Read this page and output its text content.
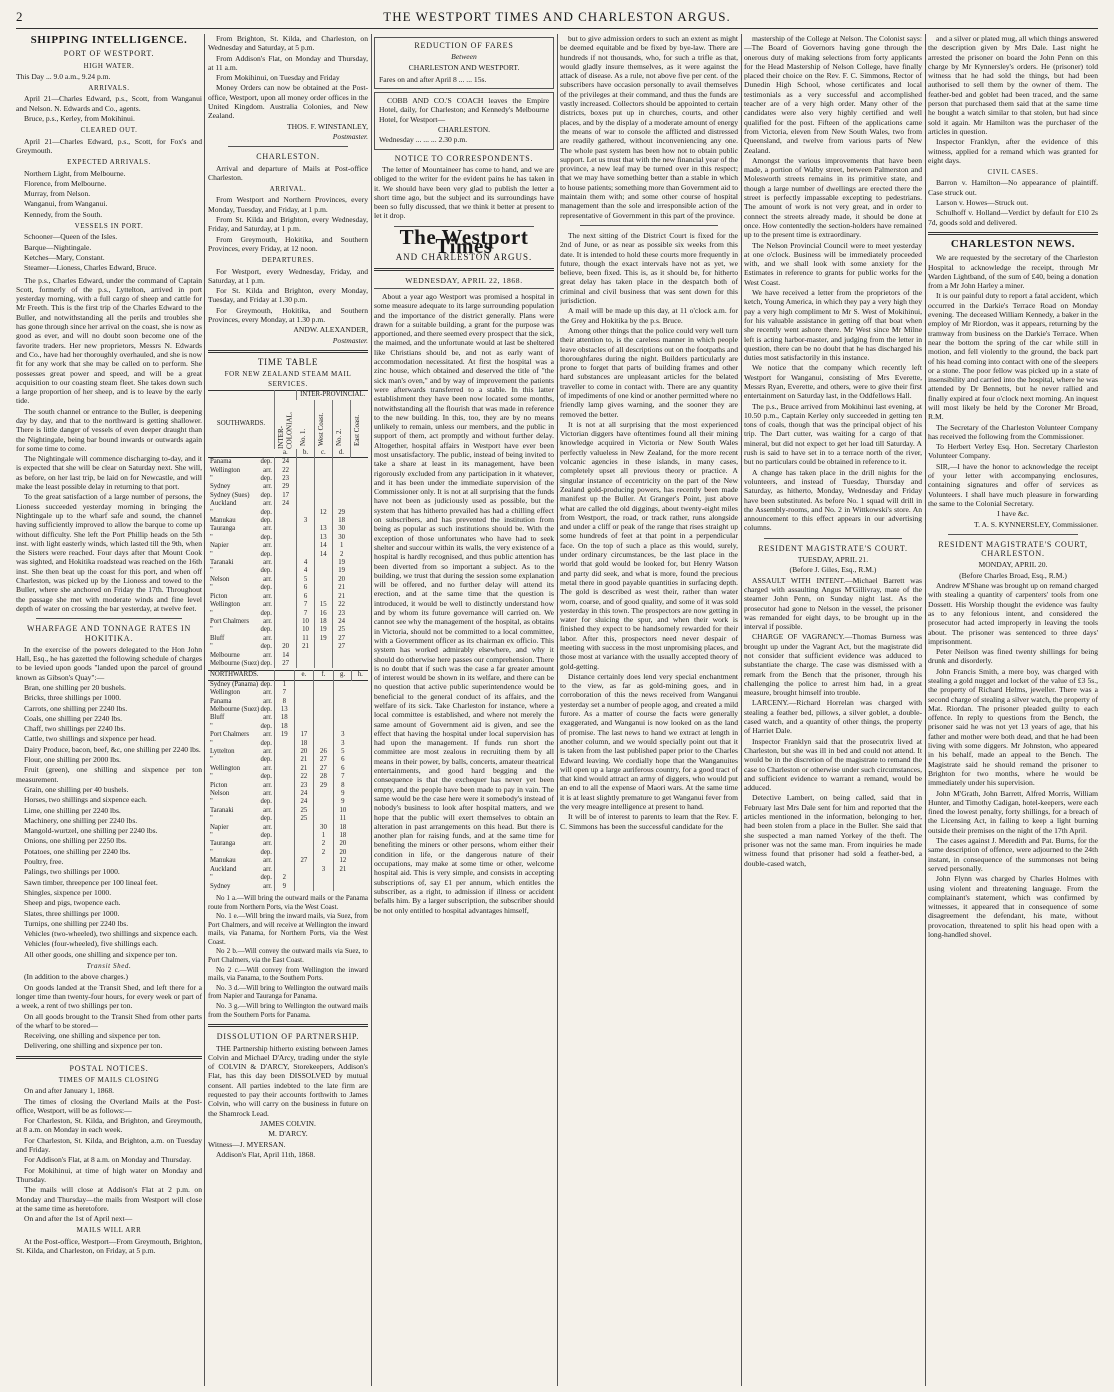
2	THE WESTPORT TIMES AND CHARLESTON ARGUS.
SHIPPING INTELLIGENCE.
PORT OF WESTPORT.
HIGH WATER.

This Day ... 9.0 a.m., 9.24 p.m.

ARRIVALS.

April 21—Charles Edward, p.s., Scott, from Wanganui and Nelson. N. Edwards and Co., agents.

Bruce, p.s., Kerley, from Mokihinui.

CLEARED OUT.

April 21—Charles Edward, p.s., Scott, for Fox's and Greymouth.

EXPECTED ARRIVALS.

Northern Light, from Melbourne.

Florence, from Melbourne.

Murray, from Nelson.

Wanganui, from Wanganui.

Kennedy, from the South.

VESSELS IN PORT.

Schooner—Queen of the Isles.

Barque—Nightingale.

Ketches—Mary, Constant.

Steamer—Lioness, Charles Edward, Bruce.

The p.s., Charles Edward, under the command of Captain Scott, formerly of the p.s., Lyttelton, arrived in port yesterday morning, with a full cargo of sheep and cattle for Mr Freeth. This is the first trip of the Charles Edward to the Buller, and notwithstanding all the perils and troubles she has gone through since her arrival on the coast, she is now as good as ever, and will no doubt soon become one of the favorite traders. Her new proprietors, Messrs N. Edwards and Co., have had her thoroughly overhauled, and she is now fit for any work that she may be called on to perform. She possesses great power and speed, and will be a great acquisition to our coasting steam fleet. She takes down such a large proportion of her sheep, and is to leave by the early tide.

The south channel or entrance to the Buller, is deepening day by day, and that to the northward is getting shallower. There is little danger of vessels of even deeper draught than the Nightingale, being bar bound inwards or outwards again for some time to come.

The Nightingale will commence discharging to-day, and it is expected that she will be clear on Saturday next. She will, as before, on her last trip, be laid on for Newcastle, and will make the least possible delay in returning to that port.

To the great satisfaction of a large number of persons, the Lioness succeeded yesterday morning in bringing the Nightingale up to the wharf safe and sound, the channel having sufficiently improved to allow the barque to come up without difficulty. She left the Port Phillip heads on the 5th inst. with light easterly winds, which lasted till the 9th, when the Sisters were reached. Four days after that Mount Cook was sighted, and Hokitika roadstead was reached on the 16th inst. She then beat up the coast for this port, and when off Charleston, was picked up by the Lioness and towed to the Buller, where she anchored on Friday the 17th. Throughout the passage she met with moderate winds and fine level depth of water on crossing the bar yesterday, at twelve feet.

WHARFAGE AND TONNAGE RATES IN HOKITIKA.

In the exercise of the powers delegated to the Hon John Hall, Esq., he has gazetted the following schedule of charges to be levied upon goods "landed upon the parcel of ground known as Gibson's Quay":—

Bran, one shilling per 20 bushels.

Bricks, three shillings per 1000.

Carrots, one shilling per 2240 lbs.

Coals, one shilling per 2240 lbs.

Chaff, two shillings per 2240 lbs.

Cattle, two shillings and sixpence per head.

Dairy Produce, bacon, beef, &c, one shilling per 2240 lbs.

Flour, one shilling per 2000 lbs.

Fruit (green), one shilling and sixpence per ton measurement.

Grain, one shilling per 40 bushels.

Horses, two shillings and sixpence each.

Lime, one shilling per 2240 lbs.

Machinery, one shilling per 2240 lbs.

Mangold-wurtzel, one shilling per 2240 lbs.

Onions, one shilling per 2250 lbs.

Potatoes, one shilling per 2240 lbs.

Poultry, free.

Palings, two shillings per 1000.

Sawn timber, threepence per 100 lineal feet.

Shingles, sixpence per 1000.

Sheep and pigs, twopence each.

Slates, three shillings per 1000.

Turnips, one shilling per 2240 lbs.

Vehicles (two-wheeled), two shillings and sixpence each.

Vehicles (four-wheeled), five shillings each.

All other goods, one shilling and sixpence per ton.

Transit Shed.

(In addition to the above charges.)

On goods landed at the Transit Shed, and left there for a longer time than twenty-four hours, for every week or part of a week, a rent of two shillings per ton.

On all goods brought to the Transit Shed from other parts of the wharf to be stored—

Receiving, one shilling and sixpence per ton.

Delivering, one shilling and sixpence per ton.

POSTAL NOTICES.
TIMES OF MAILS CLOSING

On and after January 1, 1868.

The times of closing the Overland Mails at the Post-office, Westport, will be as follows:—

For Charleston, St. Kilda, and Brighton, and Greymouth, at 8 a.m. on Monday in each week.

For Charleston, St. Kilda, and Brighton, a.m. on Tuesday and Friday.

For Addison's Flat, at 8 a.m. on Monday and Thursday.

For Mokihinui, at time of high water on Monday and Thursday.

The mails will close at Addison's Flat at 2 p.m. on Monday and Thursday—the mails from Westport will close at the same time as heretofore.

On and after the 1st of April next—

MAILS WILL ARR

At the Post-office, Westport—From Greymouth, Brighton, St. Kilda, and Charleston, on Friday, at 5 p.m.

From Brighton, St. Kilda, and Charleston, on Wednesday and Saturday, at 5 p.m.

From Addison's Flat, on Monday and Thursday, at 11 a.m.

From Mokihinui, on Tuesday and Friday

Money Orders can now be obtained at the Post-office, Westport, upon all money order offices in the United Kingdom. Australia Colonies, and New Zealand.

THOS. F. WINSTANLEY,

Postmaster.

CHARLESTON.

Arrival and departure of Mails at Post-office Charleston.

ARRIVAL.

From Westport and Northern Provinces, every Monday, Tuesday, and Friday, at 1 p.m.

From St. Kilda and Brighton, every Wednesday, Friday, and Saturday, at 1 p.m.

From Greymouth, Hokitika, and Southern Provinces, every Friday, at 12 noon.

DEPARTURES.

For Westport, every Wednesday, Friday, and Saturday, at 1 p.m.

For St. Kilda and Brighton, every Monday, Tuesday, and Friday at 1.30 p.m.

For Greymouth, Hokitika, and Southern Provinces, every Monday, at 1.30 p.m.

ANDW. ALEXANDER,

Postmaster.

TIME TABLE
FOR NEW ZEALAND STEAM MAIL SERVICES.
SOUTHWARDS.	INTER-COLONIAL.	INTER-PROVINCIAL.			

		No. 1.	West Coast.	No. 2.	East Coast.

	a.	b.	c.	d.	
Panama dep.	24				
Wellington arr.	22				
" dep.	23				
Sydney arr.	29				
Sydney (Sues) dep.	17				
Auckland arr.	24				
" dep.			12	29	
Manukau dep.		3		18	
Tauranga arr.			13	30	
" dep.			13	30	
Napier arr.			14	1	
" dep.			14	2	
Taranaki arr.		4		19	
" dep.		4		19	
Nelson arr.		5		20	
" dep.		6		21	
Picton arr.		6		21	
Wellington arr.		7	15	22	
" dep.		7	16	23	
Port Chalmers arr.		10	18	24	
" dep.		10	19	25	
Bluff arr.		11	19	27	
" dep.	20	21		27	
Melbourne arr.	14				
Melbourne (Suez) dep.	27				
NORTHWARDS.		e.	f.	g.	h.
Sydney (Panama) dep.	1				
Wellington arr.	7				
Panama arr.	8				
Melbourne (Suez) dep.	13				
Bluff arr.	18				
" dep.	18				
Port Chalmers arr.	19	17		3	
" dep.		18		3	
Lyttelton arr.		20	26	5	
" dep.		21	27	6	
Wellington arr.		21	27	6	
" dep.		22	28	7	
Picton arr.		23	29	8	
Nelson arr.		24		9	
" dep.		24		9	
Taranaki arr.		25		10	
" dep.		25		11	
Napier arr.			30	18	
" dep.			1	18	
Tauranga arr.			2	20	
" dep.			2	20	
Manukau arr.		27		12	
Auckland arr.			3	21	
" dep.	2				
Sydney arr.	9				

No 1 a.—Will bring the outward mails or the Panama route from Northern Ports, via the West Coast.

No. 1 e.—Will bring the inward mails, via Suez, from Port Chalmers, and will receive at Wellington the inward mails, via Panama, for Northern Ports, via the West Coast.

No 2 b.—Will convey the outward mails via Suez, to Port Chalmers, via the East Coast.

No 2 c.—Will convey from Wellington the inward mails, via Panama, to the Southern Ports.

No. 3 d.—Will bring to Wellington the outward mails from Napier and Tauranga for Panama.

No. 3 g.—Will bring to Wellington the outward mails from the Southern Ports for Panama.

DISSOLUTION OF PARTNERSHIP.

THE Partnership hitherto existing between James Colvin and Michael D'Arcy, trading under the style of COLVIN & D'ARCY, Storekeepers, Addison's Flat, has this day been DISSOLVED by mutual consent. All parties indebted to the late firm are requested to pay their accounts forthwith to James Colvin, who will carry on the business in future on the Shamrock Lead.

JAMES COLVIN.

M. D'ARCY.

Witness—J. MYERSAN.

Addison's Flat, April 11th, 1868.

REDUCTION OF FARES

Between

CHARLESTON AND WESTPORT.

Fares on and after April 8 ... ... 15s.

COBB AND CO.'S COACH leaves the Empire Hotel, daily, for Charleston; and Kennedy's Melbourne Hotel, for Westport—

CHARLESTON.

Wednesday ... ... ... 2.30 p.m.

NOTICE TO CORRESPONDENTS.

The letter of Mountaineer has come to hand, and we are obliged to the writer for the evident pains he has taken in it. We should have been very glad to publish the letter a short time ago, but the subject and its surroundings have been so fully discussed, that we think it better at present to let it drop.

The Westport Times
AND CHARLESTON ARGUS.

WEDNESDAY, APRIL 22, 1868.

About a year ago Westport was promised a hospital in some measure adequate to its large surrounding population and the importance of the district generally. Plans were drawn for a suitable building, a grant for the purpose was apportioned, and there seemed every prospect that the sick, the maimed, and the unfortunate would at last be sheltered like Christians should be, and not as early want of accommodation necessitated. At first the hospital was a zinc house, which obtained and deserved the title of "the sick man's oven," and by way of improvement the patients were afterwards transferred to a stable. In this latter establishment they have been now located some months, notwithstanding all the flourish that was made in reference to the new building. In this, too, they are by no means unlikely to remain, unless our members, and the public in support of them, act promptly and without further delay. Altogether, hospital affairs in Westport have ever been most unsatisfactory. The public, instead of being invited to take a share at least in its management, have been rigorously excluded from any participation in it whatever, and it has been under the immediate supervision of the Commissioner only. It is not at all surprising that the funds have not been as judiciously used as possible, but the system that has hitherto prevailed has had a chilling effect on subscribers, and has prevented the institution from being as popular as such institutions should be. With the exception of those unfortunates who have had to seek shelter and succour within its walls, the very existence of a hospital is hardly recognised, and thus public attention has been diverted from so important a subject. As to the building, we trust that during the session some explanation will be offered, and no further delay will attend its erection, and at the same time that the question is introduced, it would be well to distinctly understand how and by whom its future governance will carried on. We cannot see why the management of the hospital, as obtains in Victoria, should not be committed to a local committee, with a Government officer as its chairman ex officio. This system has worked admirably elsewhere, and why it should do otherwise here passes our comprehension. There is no doubt that if such was the case a far greater amount of interest would be shown in its welfare, and there can be no question that active public superintendence would be beneficial to the general conduct of its affairs, and the welfare of its sick. Take Charleston for instance, where a local committee is established, and where not merely the same amount of Government aid is given, and see the effect that having the hospital under local supervision has had upon the management. If funds run short the committee are most zealous in recruiting them by all means in their power, by balls, concerts, amateur theatrical entertainments, and good hard begging and the consequence is that the exchequer has never yet been empty, and the people have been made to pay in vain. The same would be the case here were it somebody's instead of nobody's business to look after hospital matters, and we hope that the public will exert themselves to obtain an alteration in past arrangements on this head. But there is another plan for raising funds, and at the same time for benefiting the miners or other persons, whom either their condition in life, or the dangerous nature of their occupations, may make at some time or other, welcome hospital aid. This is very simple, and consists in accepting subscriptions of, say £1 per annum, which entitles the subscriber, as a right, to admission if illness or accident befalls him. By a larger subscription, the subscriber should be not only entitled to hospital advantages himself,

but to give admission orders to such an extent as might be deemed equitable and be fixed by bye-law. There are hundreds if not thousands, who, for such a trifle as that, would gladly insure themselves, as it were against the attack of disease. As a rule, not above five per cent. of the subscribers have occasion personally to avail themselves of the privileges at their command, and thus the funds are vastly increased. Collectors should be appointed to certain districts, boxes put up in churches, courts, and other places, and by the display of a moderate amount of energy the means of war to console the afflicted and distressed are readily gathered, without inconveniencing any one. The whole past system has been how not to obtain public support. Let us trust that with the new financial year of the province, a new leaf may be turned over in this respect; that we may have something better than a stable in which to house patients; something more than Government aid to maintain them with; and some other course of hospital management than the sole and irresponsible action of the representative of Government in this part of the province.

The next sitting of the District Court is fixed for the 2nd of June, or as near as possible six weeks from this date. It is intended to hold these courts more frequently in future, though the exact intervals have not as yet, we believe, been fixed. This is, as it should be, for hitherto great delay has taken place in the despatch both of criminal and civil business that was sent down for this jurisdiction.

A mail will be made up this day, at 11 o'clock a.m. for the Grey and Hokitika by the p.s. Bruce.

Among other things that the police could very well turn their attention to, is the careless manner in which people leave obstacles of all descriptions out on the footpaths and thoroughfares during the night. Builders particularly are prone to forget that parts of building frames and other hard substances are unpleasant articles for the belated traveller to come in contact with. There are any quantity of impediments of one kind or another permitted where no friendly lamp gives warning, and the sooner they are removed the better.

It is not at all surprising that the most experienced Victorian diggers have oftentimes found all their mining knowledge acquired in Victoria or New South Wales perfectly valueless in New Zealand, for the more recent volcanic agencies in these islands, in many cases, completely upset all previous theory or practice. A singular instance of eccentricity on the part of the New Zealand gold-producing powers, has recently been made manifest up the Buller. At Granger's Point, just above what are called the old diggings, about twenty-eight miles from Westport, the road, or track rather, runs alongside and under a cliff or peak of the range that rises straight up some hundreds of feet at that point in a perpendicular face. On the top of such a place as this would, surely, under ordinary circumstances, be the last place in the world that gold would be looked for, but Henry Watson and party did seek, and what is more, found the precious metal there in good payable quantities in surfacing depth. The gold is described as west their, rather than water worn, coarse, and of good quality, and some of it was sold yesterday in this town. The prospectors are now getting in water for sluicing the spur, and when their work is finished they expect to be handsomely rewarded for their labor. After this, prospectors need never despair of meeting with success in the most unpromising places, and those most at variance with the usually accepted theory of gold-getting.

Distance certainly does lend very special enchantment to the view, as far as gold-mining goes, and in corroboration of this the news received from Wanganui yesterday set a number of people agog, and created a mild furore. As a matter of course the facts were generally exaggerated, and Wanganui is now looked on as the land of promise. The last news to hand we extract at length in another column, and we would specially point out that it is taken from the last published paper prior to the Charles Edward leaving. We cordially hope that the Wanganuites will open up a large auriferous country, for a good tract of that kind would attract an army of diggers, who would put an end to all the expense of Maori wars. At the same time it is at least slightly premature to get Wanganui fever from the very meagre intelligence at present to hand.

It will be of interest to parents to learn that the Rev. F. C. Simmons has been the successful candidate for the

mastership of the College at Nelson. The Colonist says:—The Board of Governors having gone through the onerous duty of making selections from forty applicants for the Head Mastership of Nelson College, have finally placed their choice on the Rev. F. C. Simmons, Rector of Dunedin High School, whose certificates and local testimonials as a very successful and accomplished teacher are of a very high order. Many other of the candidates were also very highly certified and well qualified for the post. Fifteen of the applications came from Victoria, eleven from New South Wales, two from Queensland, and twelve from various parts of New Zealand.

Amongst the various improvements that have been made, a portion of Walby street, between Palmerston and Molesworth streets remains in its primitive state, and though a large number of dwellings are erected there the street is perfectly impassable excepting to pedestrians. The amount of work is not very great, and in order to connect the streets already made, it should be done at once. How contentedly the section-holders have remained up to the present time is extraordinary.

The Nelson Provincial Council were to meet yesterday at one o'clock. Business will be immediately proceeded with, and we shall look with some anxiety for the Estimates in reference to grants for public works for the West Coast.

We have received a letter from the proprietors of the ketch, Young America, in which they pay a very high they pay a very high compliment to Mr S. West of Mokihinui, for his valuable assistance in getting off that boat when she recently went ashore there. Mr West since Mr Milne left is acting harbor-master, and judging from the letter in question, there can be no doubt that he has discharged his duties most satisfactorily in this instance.

We notice that the company which recently left Westport for Wanganui, consisting of Mrs Everette, Messrs Ryan, Everette, and others, were to give their first entertainment on Saturday last, in the Oddfellows Hall.

The p.s., Bruce arrived from Mokihinui last evening, at 10.50 p.m., Captain Kerley only succeeded in getting ten tons of coals, though that was the principal object of his trip. The Dart cutter, was waiting for a cargo of that mineral, but did not expect to get her load till Saturday. A rush is said to have set in to a terrace north of the river, but no particulars could be obtained in reference to it.

A change has taken place in the drill nights for the volunteers, and instead of Tuesday, Thursday and Saturday, as hitherto, Monday, Wednesday and Friday have been substituted. As before No. 1 squad will drill in the Assembly-rooms, and No. 2 in Wittkowski's store. An announcement to this effect appears in our advertising columns.

RESIDENT MAGISTRATE'S COURT.

TUESDAY, APRIL 21.

(Before J. Giles, Esq., R.M.)

ASSAULT WITH INTENT.—Michael Barrett was charged with assaulting Angus M'Gillivray, mate of the steamer John Penn, on Sunday night last. As the prosecutor had gone to Nelson in the vessel, the prisoner was remanded for eight days, to be brought up in the interval if possible.

CHARGE OF VAGRANCY.—Thomas Burness was brought up under the Vagrant Act, but the magistrate did not consider that sufficient evidence was adduced to substantiate the charge. The case was dismissed with a remark from the Bench that the prisoner, through his challenging the police to arrest him had, in a great measure, brought himself into trouble.

LARCENY.—Richard Horrelan was charged with stealing a feather bed, pillows, a silver goblet, a double-cased watch, and a quantity of other things, the property of Harriet Dale.

Inspector Franklyn said that the prosecutrix lived at Charleston, but she was ill in bed and could not attend. It would be in the discretion of the magistrate to remand the case to Charleston or otherwise under such circumstances, and sufficient evidence to warrant a remand, would be adduced.

Detective Lambert, on being called, said that in February last Mrs Dale sent for him and reported that the articles mentioned in the information, belonging to her, had been stolen from a place in the Buller. She said that she suspected a man named Yorkey of the theft. The prisoner was not the same man. From inquiries he made witness found that prisoner had sold a feather-bed, a double-cased watch,

and a silver or plated mug, all which things answered the description given by Mrs Dale. Last night he arrested the prisoner on board the John Penn on this charge by Mr Kynnersley's orders. He (prisoner) told witness that he had sold the things, but had been authorised to sell them by the owner of them. The feather-bed and goblet had been traced, and the same person that purchased them said that at the same time he bought a watch similar to that stolen, but had since sold it again. Mr Hamilton was the purchaser of the articles in question.

Inspector Franklyn, after the evidence of this witness, applied for a remand which was granted for eight days.

CIVIL CASES.

Barron v. Hamilton—No appearance of plaintiff. Case struck out.

Larson v. Howes—Struck out.

Schulhoff v. Holland—Verdict by default for £10 2s 7d, goods sold and delivered.

CHARLESTON NEWS.

We are requested by the secretary of the Charleston Hospital to acknowledge the receipt, through Mr Warden Lightband, of the sum of £40, being a donation from a Mr John Harley a miner.

It is our painful duty to report a fatal accident, which occurred in the Darkie's Terrace Road on Monday evening. The deceased William Kennedy, a baker in the employ of Mr Riordon, was it appears, returning by the tramway from business on the Darkie's Terrace. When near the bottom the spring of the car while still in motion, and fell violently to the ground, the back part of his head coming into contact with one of the sleepers or a stone. The poor fellow was picked up in a state of insensibility and carried into the hospital, where he was attended by Dr Bennetts, but he never rallied and finally expired at four o'clock next morning. An inquest will most likely be held by the Coroner Mr Broad, R.M.

The Secretary of the Charleston Volunteer Company has received the following from the Commissioner.

To Herbert Verley Esq. Hon. Secretary Charleston Volunteer Company.

SIR,—I have the honor to acknowledge the receipt of your letter with accompanying enclosures, containing signatures and offer of services as Volunteers. I shall have much pleasure in forwarding the same to the Colonial Secretary.

I have &c.

T. A. S. KYNNERSLEY, Commissioner.

RESIDENT MAGISTRATE'S COURT, CHARLESTON.

MONDAY, APRIL 20.

(Before Charles Broad, Esq., R.M.)

Andrew M'Shane was brought up on remand charged with stealing a quantity of carpenters' tools from one Dossett. His Worship thought the evidence was faulty as to any felonious intent, and considered the prosecutor had acted improperly in leaving the tools about. The prisoner was sentenced to three days' imprisonment.

Peter Neilson was fined twenty shillings for being drunk and disorderly.

John Francis Smith, a mere boy, was charged with stealing a gold nugget and locket of the value of £3 5s., the property of Richard Helms, jeweller. There was a second charge of stealing a silver watch, the property of Mat. Riordan. The prisoner pleaded guilty to each offence. In reply to questions from the Bench, the prisoner said he was not yet 13 years of age, that his father and mother were both dead, and that he had been living with some diggers. Mr Johnston, who appeared in his behalf, made an appeal to the Bench. The Magistrate said he should remand the prisoner to Brighton for two months, where he would be immediately under his supervision.

John M'Grath, John Barrett, Alfred Morris, William Hunter, and Timothy Cadigan, hotel-keepers, were each fined the lowest penalty, forty shillings, for a breach of the Licensing Act, in failing to keep a light burning outside their premises on the night of the 17th April.

The cases against J. Meredith and Pat. Burns, for the same description of offence, were adjourned to the 24th instant, in consequence of the summonses not being served personally.

John Flynn was charged by Charles Holmes with using violent and threatening language. From the complainant's statement, which was confirmed by witnesses, it appeared that in consequence of some disagreement the defendant, his mate, without provocation, threatened to split his head open with a long-handled shovel.
